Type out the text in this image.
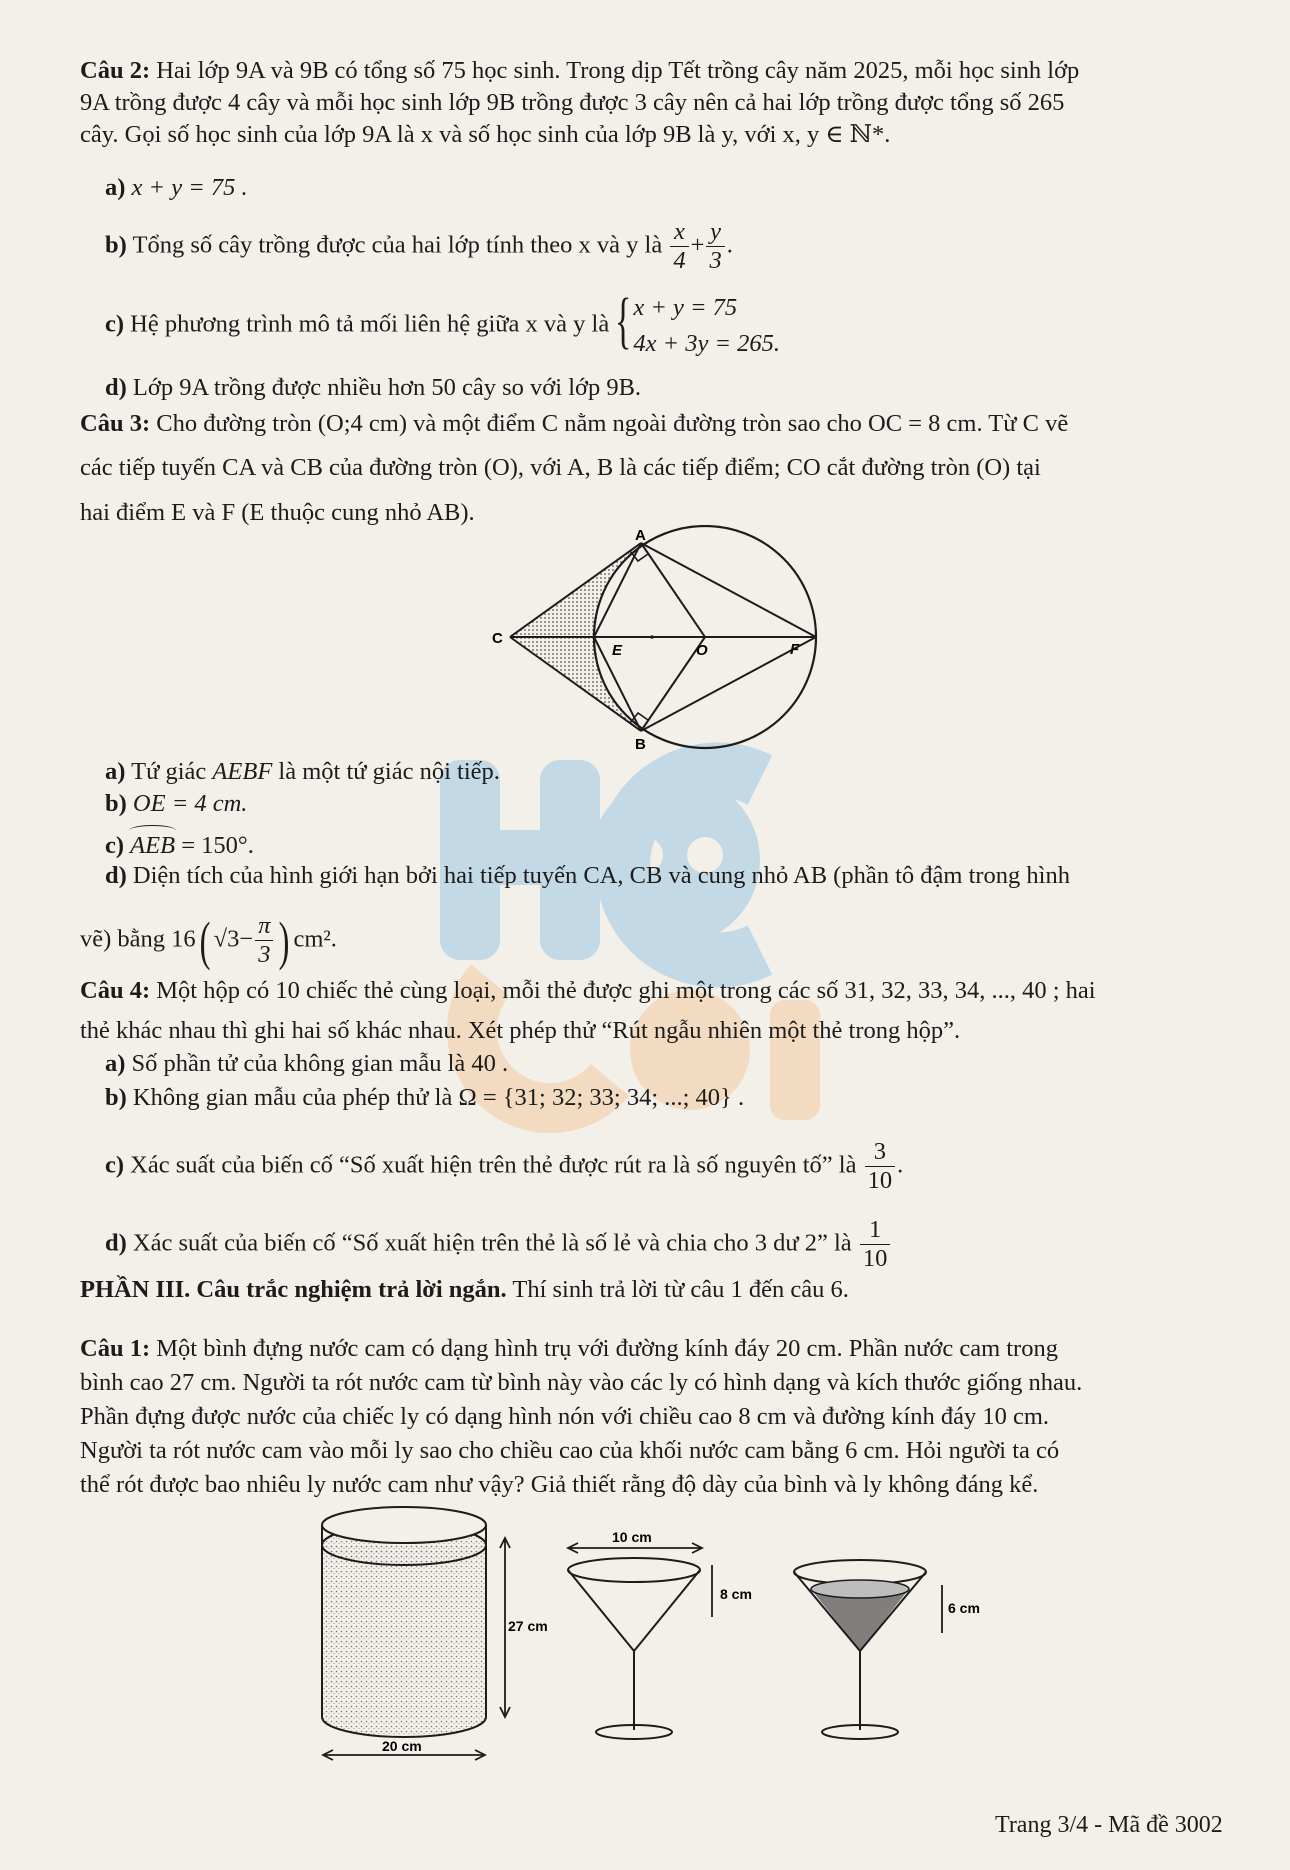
Câu 2: Hai lớp 9A và 9B có tổng số 75 học sinh. Trong dịp Tết trồng cây năm 2025, mỗi học sinh lớp
9A trồng được 4 cây và mỗi học sinh lớp 9B trồng được 3 cây nên cả hai lớp trồng được tổng số 265
cây. Gọi số học sinh của lớp 9A là x và số học sinh của lớp 9B là y, với x, y ∈ ℕ*.
a) x + y = 75 .
b) Tổng số cây trồng được của hai lớp tính theo x và y là $\frac{x}{4} + \frac{y}{3}$ .
c) Hệ phương trình mô tả mối liên hệ giữa x và y là { x + y = 75
4x + 3y = 265.
d) Lớp 9A trồng được nhiều hơn 50 cây so với lớp 9B.
Câu 3: Cho đường tròn (O;4 cm) và một điểm C nằm ngoài đường tròn sao cho OC = 8 cm. Từ C vẽ
các tiếp tuyến CA và CB của đường tròn (O), với A, B là các tiếp điểm; CO cắt đường tròn (O) tại
hai điểm E và F (E thuộc cung nhỏ AB).
A
B
C
E	O	F
a) Tứ giác AEBF là một tứ giác nội tiếp.
b) OE = 4 cm.
c) AEB = 150°.
d) Diện tích của hình giới hạn bởi hai tiếp tuyến CA, CB và cung nhỏ AB (phần tô đậm trong hình
vẽ) bằng 16( $√3- \frac{\pi}{3}$ ) cm².
Câu 4: Một hộp có 10 chiếc thẻ cùng loại, mỗi thẻ được ghi một trong các số 31, 32, 33, 34, ..., 40 ; hai
thẻ khác nhau thì ghi hai số khác nhau. Xét phép thử “Rút ngẫu nhiên một thẻ trong hộp”.
a) Số phần tử của không gian mẫu là 40 .
b) Không gian mẫu của phép thử là Ω = {31; 32; 33; 34; ...; 40} .
c) Xác suất của biến cố “Số xuất hiện trên thẻ được rút ra là số nguyên tố” là $\frac{3}{10}$ .
d) Xác suất của biến cố “Số xuất hiện trên thẻ là số lẻ và chia cho 3 dư 2” là $\frac{1}{10}$
PHẦN III. Câu trắc nghiệm trả lời ngắn. Thí sinh trả lời từ câu 1 đến câu 6.
Câu 1: Một bình đựng nước cam có dạng hình trụ với đường kính đáy 20 cm. Phần nước cam trong
bình cao 27 cm. Người ta rót nước cam từ bình này vào các ly có hình dạng và kích thước giống nhau.
Phần đựng được nước của chiếc ly có dạng hình nón với chiều cao 8 cm và đường kính đáy 10 cm.
Người ta rót nước cam vào mỗi ly sao cho chiều cao của khối nước cam bằng 6 cm. Hỏi người ta có
thể rót được bao nhiêu ly nước cam như vậy? Giả thiết rằng độ dày của bình và ly không đáng kể.
27 cm
20 cm
10 cm
8 cm
6 cm
Trang 3/4 - Mã đề 3002
